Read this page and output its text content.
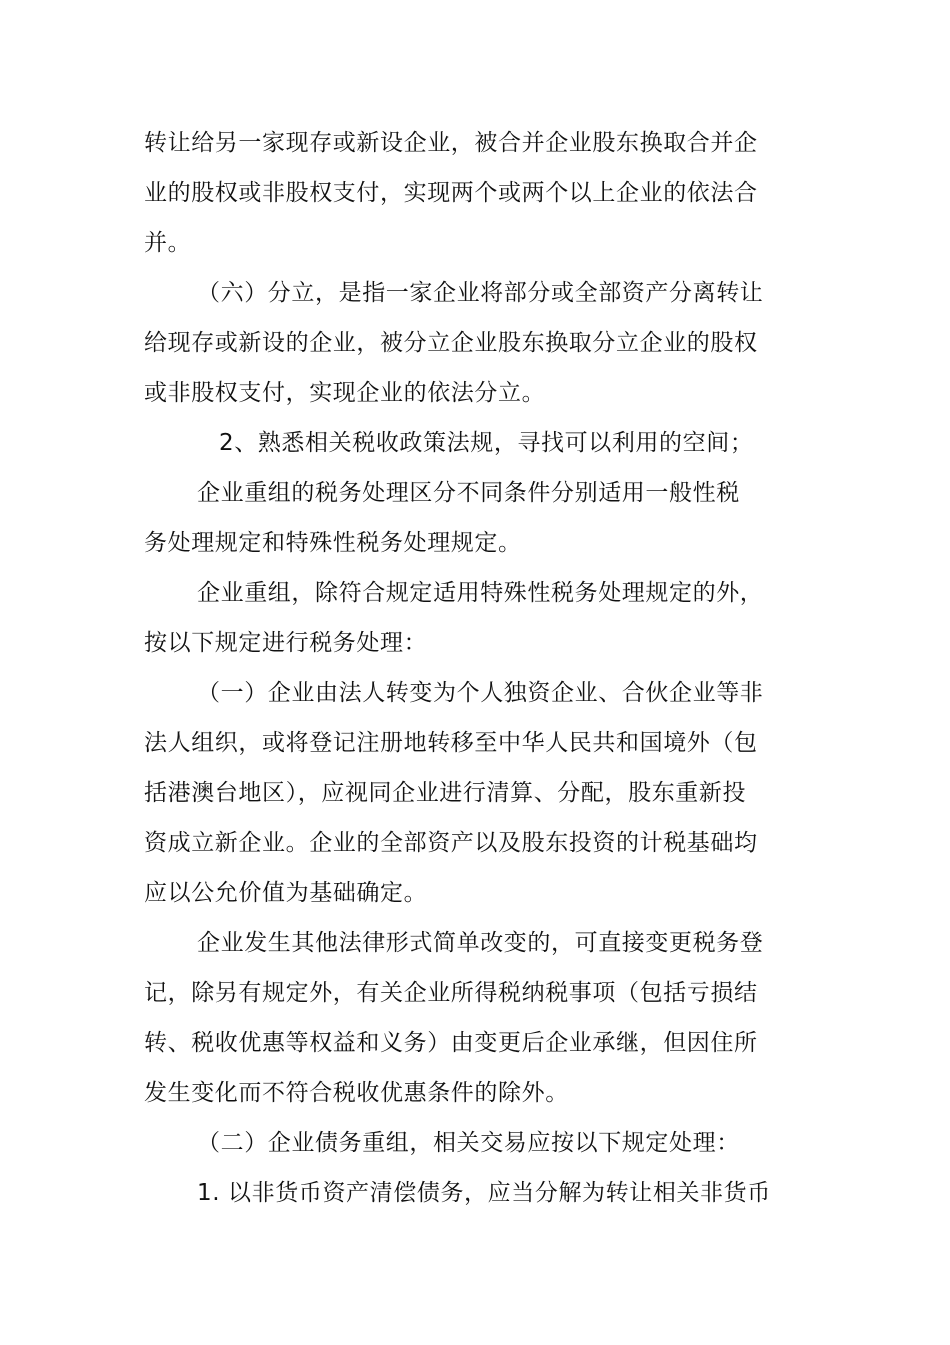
转让给另一家现存或新设企业，被合并企业股东换取合并企
业的股权或非股权支付，实现两个或两个以上企业的依法合
并。
（六）分立，是指一家企业将部分或全部资产分离转让
给现存或新设的企业，被分立企业股东换取分立企业的股权
或非股权支付，实现企业的依法分立。
2、熟悉相关税收政策法规，寻找可以利用的空间；
企业重组的税务处理区分不同条件分别适用一般性税
务处理规定和特殊性税务处理规定。
企业重组，除符合规定适用特殊性税务处理规定的外，
按以下规定进行税务处理：
（一）企业由法人转变为个人独资企业、合伙企业等非
法人组织，或将登记注册地转移至中华人民共和国境外（包
括港澳台地区），应视同企业进行清算、分配，股东重新投
资成立新企业。企业的全部资产以及股东投资的计税基础均
应以公允价值为基础确定。
企业发生其他法律形式简单改变的，可直接变更税务登
记，除另有规定外，有关企业所得税纳税事项（包括亏损结
转、税收优惠等权益和义务）由变更后企业承继，但因住所
发生变化而不符合税收优惠条件的除外。
（二）企业债务重组，相关交易应按以下规定处理：
1. 以非货币资产清偿债务，应当分解为转让相关非货币
